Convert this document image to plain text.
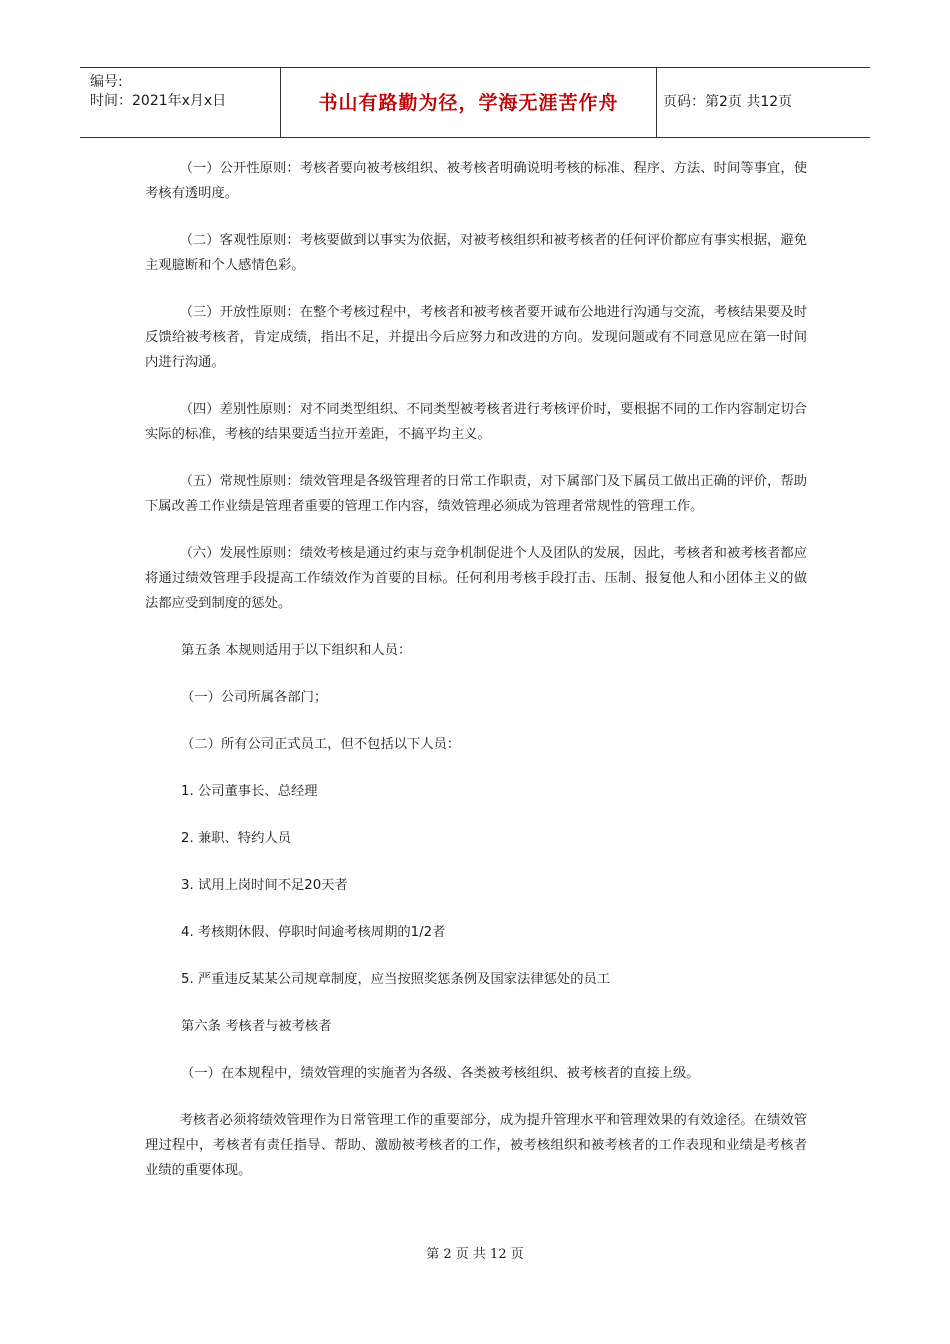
编号:
时间：2021年x月x日	书山有路勤为径，学海无涯苦作舟	页码：第2页 共12页

（一）公开性原则：考核者要向被考核组织、被考核者明确说明考核的标准、程序、方法、时间等事宜，使考核有透明度。

（二）客观性原则：考核要做到以事实为依据，对被考核组织和被考核者的任何评价都应有事实根据，避免主观臆断和个人感情色彩。

（三）开放性原则：在整个考核过程中，考核者和被考核者要开诚布公地进行沟通与交流，考核结果要及时反馈给被考核者，肯定成绩，指出不足，并提出今后应努力和改进的方向。发现问题或有不同意见应在第一时间内进行沟通。

（四）差别性原则：对不同类型组织、不同类型被考核者进行考核评价时，要根据不同的工作内容制定切合实际的标准，考核的结果要适当拉开差距，不搞平均主义。

（五）常规性原则：绩效管理是各级管理者的日常工作职责，对下属部门及下属员工做出正确的评价，帮助下属改善工作业绩是管理者重要的管理工作内容，绩效管理必须成为管理者常规性的管理工作。

（六）发展性原则：绩效考核是通过约束与竞争机制促进个人及团队的发展，因此，考核者和被考核者都应将通过绩效管理手段提高工作绩效作为首要的目标。任何利用考核手段打击、压制、报复他人和小团体主义的做法都应受到制度的惩处。

第五条 本规则适用于以下组织和人员：

（一）公司所属各部门；

（二）所有公司正式员工，但不包括以下人员：

1. 公司董事长、总经理

2. 兼职、特约人员

3. 试用上岗时间不足20天者

4. 考核期休假、停职时间逾考核周期的1/2者

5. 严重违反某某公司规章制度，应当按照奖惩条例及国家法律惩处的员工

第六条 考核者与被考核者

（一）在本规程中，绩效管理的实施者为各级、各类被考核组织、被考核者的直接上级。

考核者必须将绩效管理作为日常管理工作的重要部分，成为提升管理水平和管理效果的有效途径。在绩效管理过程中，考核者有责任指导、帮助、激励被考核者的工作，被考核组织和被考核者的工作表现和业绩是考核者业绩的重要体现。

第 2 页 共 12 页
